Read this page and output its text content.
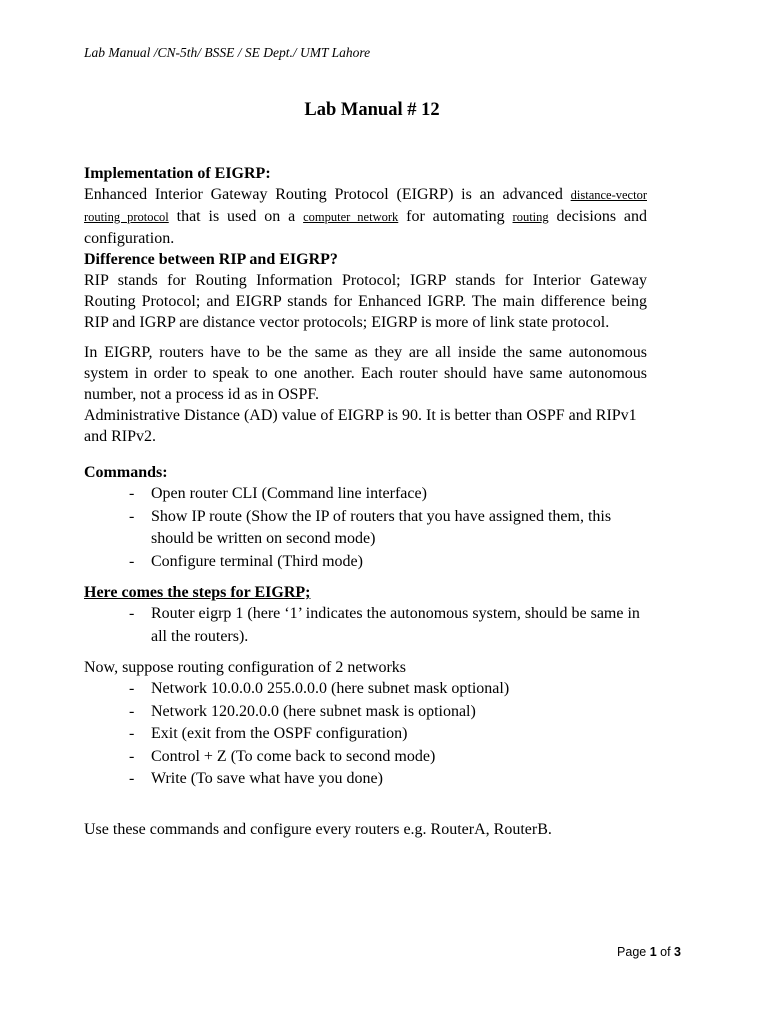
Lab Manual /CN-5th/ BSSE / SE Dept./ UMT Lahore
Lab Manual # 12

Implementation of EIGRP:

Enhanced Interior Gateway Routing Protocol (EIGRP) is an advanced distance-vector routing protocol that is used on a computer network for automating routing decisions and configuration.

Difference between RIP and EIGRP?

RIP stands for Routing Information Protocol; IGRP stands for Interior Gateway Routing Protocol; and EIGRP stands for Enhanced IGRP. The main difference being RIP and IGRP are distance vector protocols; EIGRP is more of link state protocol.

In EIGRP, routers have to be the same as they are all inside the same autonomous system in order to speak to one another. Each router should have same autonomous number, not a process id as in OSPF.

Administrative Distance (AD) value of EIGRP is 90. It is better than OSPF and RIPv1 and RIPv2.

Commands:

- Open router CLI (Command line interface)
- Show IP route (Show the IP of routers that you have assigned them, this should be written on second mode)
- Configure terminal (Third mode)

Here comes the steps for EIGRP;

- Router eigrp 1 (here ‘1’ indicates the autonomous system, should be same in all the routers).

Now, suppose routing configuration of 2 networks

- Network 10.0.0.0 255.0.0.0 (here subnet mask optional)
- Network 120.20.0.0 (here subnet mask is optional)
- Exit (exit from the OSPF configuration)
- Control + Z (To come back to second mode)
- Write (To save what have you done)

Use these commands and configure every routers e.g. RouterA, RouterB.

Page 1 of 3
